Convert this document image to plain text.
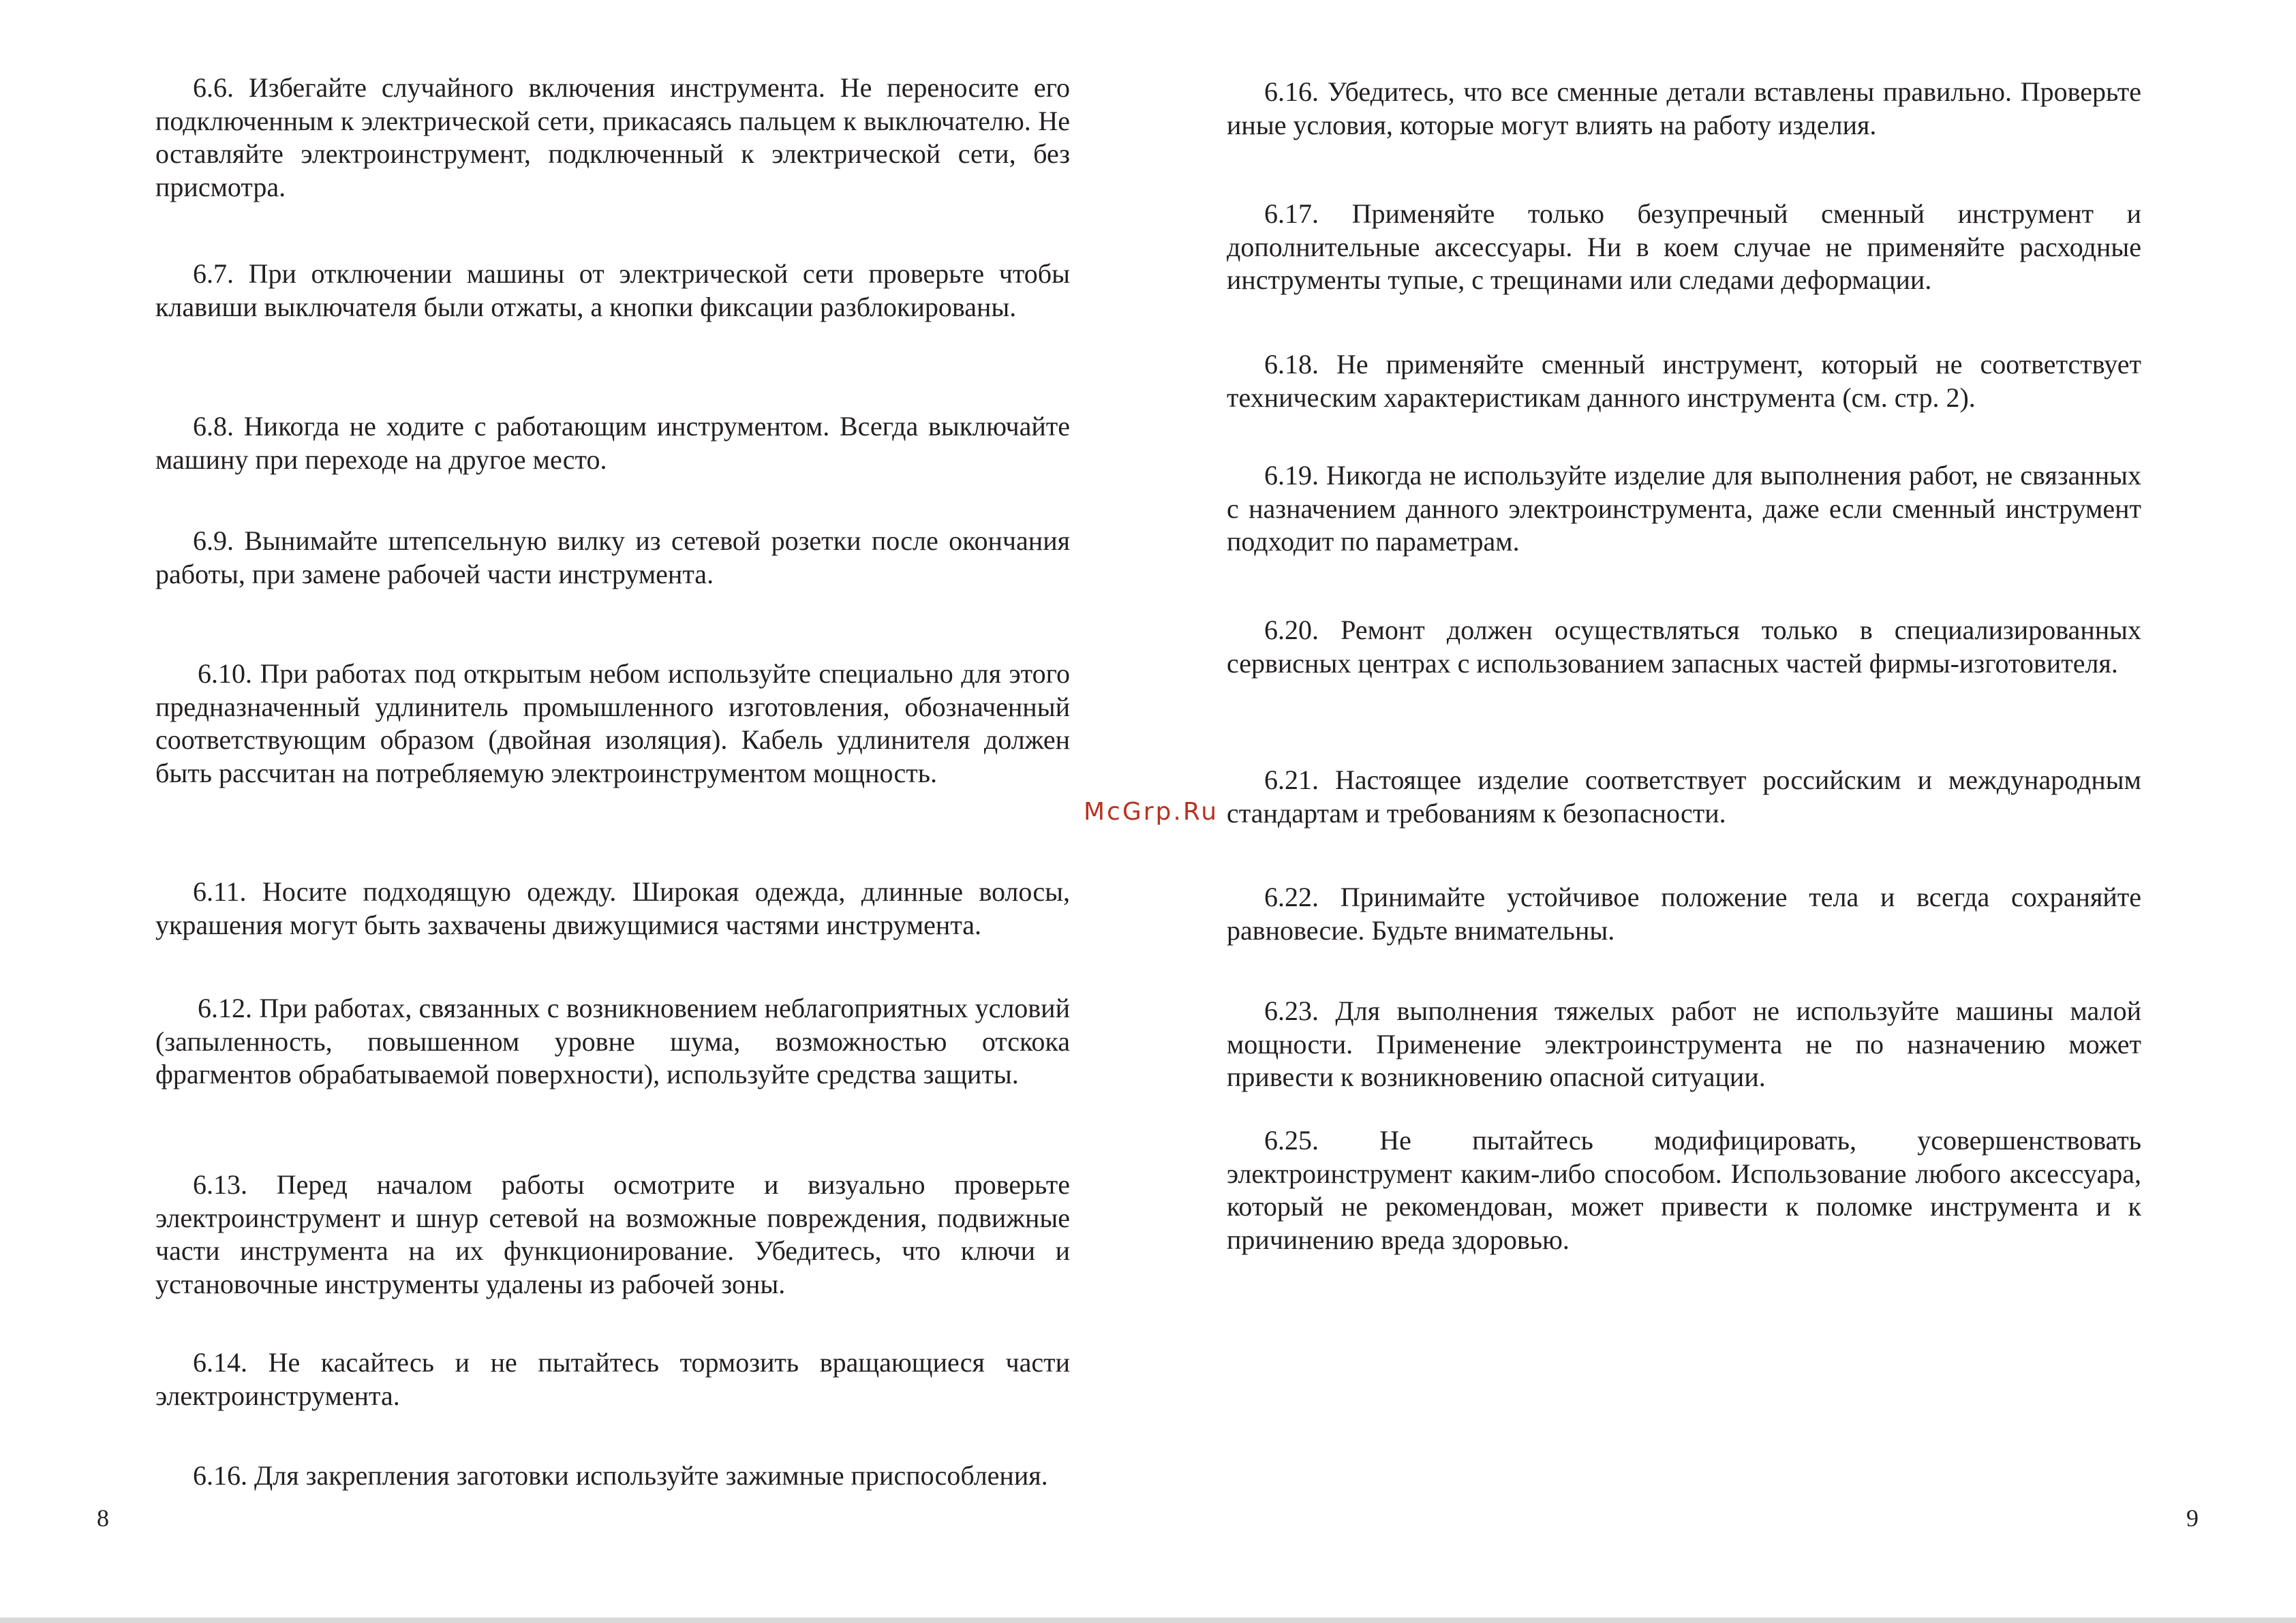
6.6. Избегайте случайного включения инструмента. Не переносите его подключенным к электрической сети, прикасаясь пальцем к выключателю. Не оставляйте электроинструмент, подключенный к электрической сети, без присмотра.

6.7. При отключении машины от электрической сети проверьте чтобы клавиши выключателя были отжаты, а кнопки фиксации разблокированы.

6.8. Никогда не ходите с работающим инструментом. Всегда выключайте машину при переходе на другое место.

6.9. Вынимайте штепсельную вилку из сетевой розетки после окончания работы, при замене рабочей части инструмента.

6.10. При работах под открытым небом используйте специально для этого предназначенный удлинитель промышленного изготовления, обозначенный соответствующим образом (двойная изоляция). Кабель удлинителя должен быть рассчитан на потребляемую электроинструментом мощность.

6.11. Носите подходящую одежду. Широкая одежда, длинные волосы, украшения могут быть захвачены движущимися частями инструмента.

6.12. При работах, связанных с возникновением неблагоприятных условий (запыленность, повышенном уровне шума, возможностью отскока фрагментов обрабатываемой поверхности), используйте средства защиты.

6.13. Перед началом работы осмотрите и визуально проверьте электроинструмент и шнур сетевой на возможные повреждения, подвижные части инструмента на их функционирование. Убедитесь, что ключи и установочные инструменты удалены из рабочей зоны.

6.14. Не касайтесь и не пытайтесь тормозить вращающиеся части электроинструмента.

6.16. Для закрепления заготовки используйте зажимные приспособления.

6.16. Убедитесь, что все сменные детали вставлены правильно. Проверьте иные условия, которые могут влиять на работу изделия.

6.17. Применяйте только безупречный сменный инструмент и дополнительные аксессуары. Ни в коем случае не применяйте расходные инструменты тупые, с трещинами или следами деформации.

6.18. Не применяйте сменный инструмент, который не соответствует техническим характеристикам данного инструмента (см. стр. 2).

6.19. Никогда не используйте изделие для выполнения работ, не связанных с назначением данного электроинструмента, даже если сменный инструмент подходит по параметрам.

6.20. Ремонт должен осуществляться только в специализированных сервисных центрах с использованием запасных частей фирмы-изготовителя.

6.21. Настоящее изделие соответствует российским и международным стандартам и требованиям к безопасности.

6.22. Принимайте устойчивое положение тела и всегда сохраняйте равновесие. Будьте внимательны.

6.23. Для выполнения тяжелых работ не используйте машины малой мощности. Применение электроинструмента не по назначению может привести к возникновению опасной ситуации.

6.25. Не пытайтесь модифицировать, усовершенствовать электроинструмент каким-либо способом. Использование любого аксессуара, который не рекомендован, может привести к поломке инструмента и к причинению вреда здоровью.

McGrp.Ru
8	9
